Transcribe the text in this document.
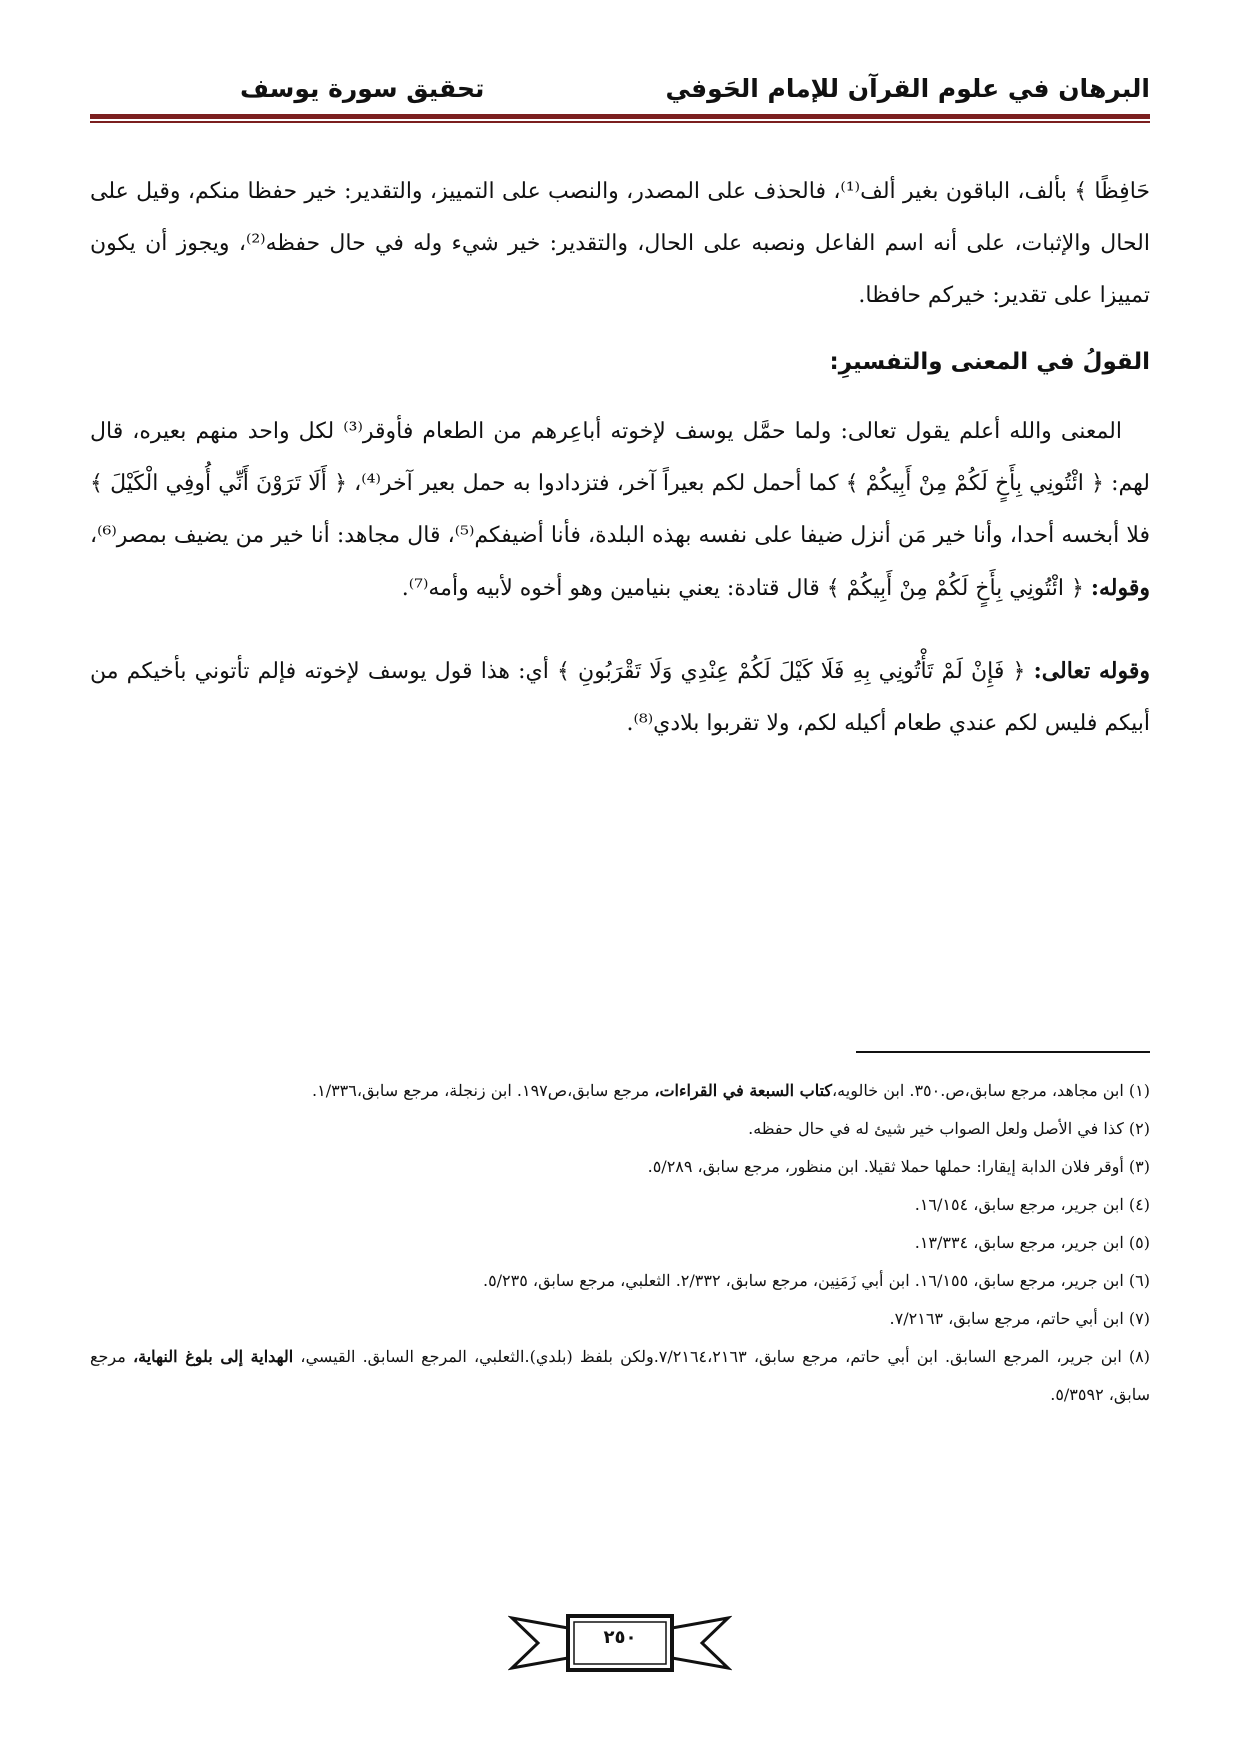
البرهان في علوم القرآن للإمام الحَوفي
تحقيق سورة يوسف

حَافِظًا ﴾ بألف، الباقون بغير ألف⁽¹⁾، فالحذف على المصدر، والنصب على التمييز، والتقدير: خير حفظا منكم، وقيل على الحال والإثبات، على أنه اسم الفاعل ونصبه على الحال، والتقدير: خير شيء وله في حال حفظه⁽²⁾، ويجوز أن يكون تمييزا على تقدير: خيركم حافظا.

القولُ في المعنى والتفسيرِ:

المعنى والله أعلم يقول تعالى: ولما حمَّل يوسف لإخوته أباعِرهم من الطعام فأوقر⁽³⁾ لكل واحد منهم بعيره، قال لهم: ﴿ ائْتُونِي بِأَخٍ لَكُمْ مِنْ أَبِيكُمْ ﴾ كما أحمل لكم بعيراً آخر، فتزدادوا به حمل بعير آخر⁽⁴⁾، ﴿ أَلَا تَرَوْنَ أَنِّي أُوفِي الْكَيْلَ ﴾ فلا أبخسه أحدا، وأنا خير مَن أنزل ضيفا على نفسه بهذه البلدة، فأنا أضيفكم⁽⁵⁾، قال مجاهد: أنا خير من يضيف بمصر⁽⁶⁾، وقوله: ﴿ ائْتُونِي بِأَخٍ لَكُمْ مِنْ أَبِيكُمْ ﴾ قال قتادة: يعني بنيامين وهو أخوه لأبيه وأمه⁽⁷⁾.

وقوله تعالى: ﴿ فَإِنْ لَمْ تَأْتُونِي بِهِ فَلَا كَيْلَ لَكُمْ عِنْدِي وَلَا تَقْرَبُونِ ﴾ أي: هذا قول يوسف لإخوته فإلم تأتوني بأخيكم من أبيكم فليس لكم عندي طعام أكيله لكم، ولا تقربوا بلادي⁽⁸⁾.

(١) ابن مجاهد، مرجع سابق،ص.٣٥٠. ابن خالويه،كتاب السبعة في القراءات، مرجع سابق،ص١٩٧. ابن زنجلة، مرجع سابق،١/٣٣٦.

(٢) كذا في الأصل ولعل الصواب خير شيئ له في حال حفظه.

(٣) أوقر فلان الدابة إيقارا: حملها حملا ثقيلا. ابن منظور، مرجع سابق، ٥/٢٨٩.

(٤) ابن جرير، مرجع سابق، ١٦/١٥٤.

(٥) ابن جرير، مرجع سابق، ١٣/٣٣٤.

(٦) ابن جرير، مرجع سابق، ١٦/١٥٥. ابن أبي زَمَنِين، مرجع سابق، ٢/٣٣٢. الثعلبي، مرجع سابق، ٥/٢٣٥.

(٧) ابن أبي حاتم، مرجع سابق، ٧/٢١٦٣.

(٨) ابن جرير، المرجع السابق. ابن أبي حاتم، مرجع سابق، ٧/٢١٦٤،٢١٦٣.ولكن بلفظ (بلدي).الثعلبي، المرجع السابق. القيسي، الهداية إلى بلوغ النهاية، مرجع سابق، ٥/٣٥٩٢.

٢٥٠
